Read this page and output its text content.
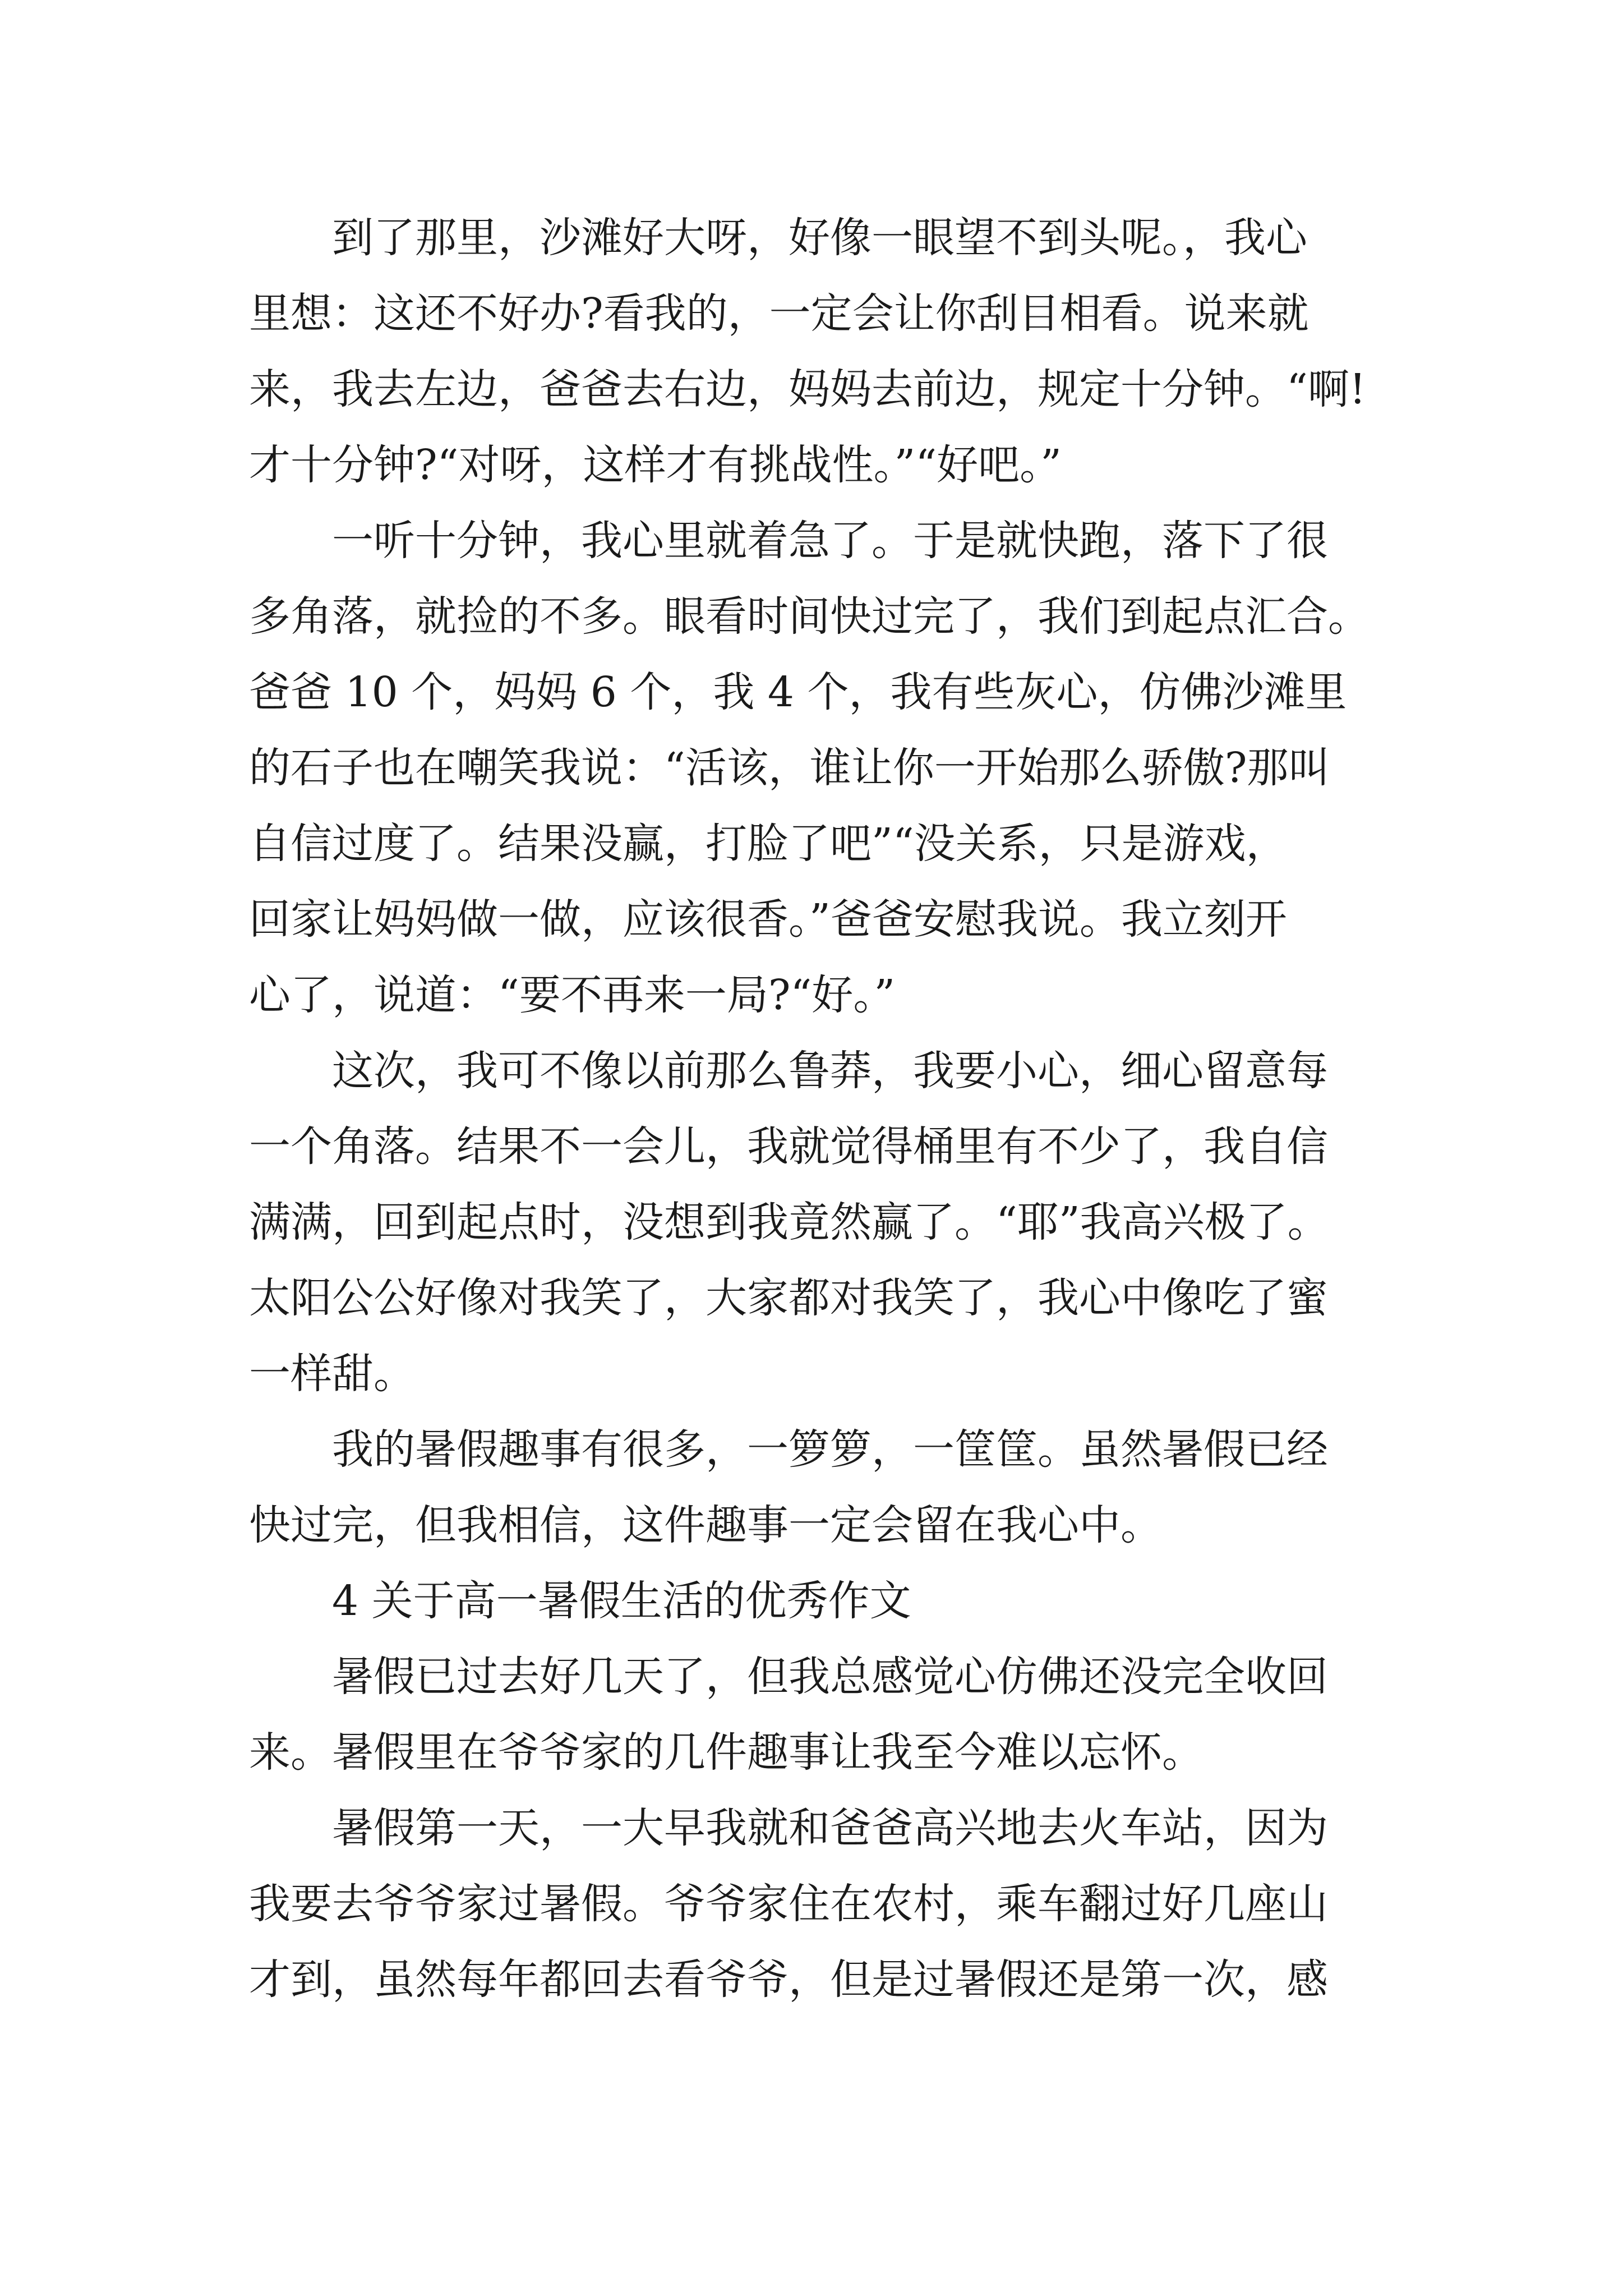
到了那里，沙滩好大呀，好像一眼望不到头呢。，我心
里想：这还不好办?看我的，一定会让你刮目相看。说来就
来，我去左边，爸爸去右边，妈妈去前边，规定十分钟。“啊!
才十分钟?“对呀，这样才有挑战性。”“好吧。”
一听十分钟，我心里就着急了。于是就快跑，落下了很
多角落，就捡的不多。眼看时间快过完了，我们到起点汇合。
爸爸 10 个，妈妈 6 个，我 4 个，我有些灰心，仿佛沙滩里
的石子也在嘲笑我说：“活该，谁让你一开始那么骄傲?那叫
自信过度了。结果没赢，打脸了吧”“没关系，只是游戏，
回家让妈妈做一做，应该很香。”爸爸安慰我说。我立刻开
心了，说道：“要不再来一局?“好。”
这次，我可不像以前那么鲁莽，我要小心，细心留意每
一个角落。结果不一会儿，我就觉得桶里有不少了，我自信
满满，回到起点时，没想到我竟然赢了。“耶”我高兴极了。
太阳公公好像对我笑了，大家都对我笑了，我心中像吃了蜜
一样甜。
我的暑假趣事有很多，一箩箩，一筐筐。虽然暑假已经
快过完，但我相信，这件趣事一定会留在我心中。
4 关于高一暑假生活的优秀作文
暑假已过去好几天了，但我总感觉心仿佛还没完全收回
来。暑假里在爷爷家的几件趣事让我至今难以忘怀。
暑假第一天，一大早我就和爸爸高兴地去火车站，因为
我要去爷爷家过暑假。爷爷家住在农村，乘车翻过好几座山
才到，虽然每年都回去看爷爷，但是过暑假还是第一次，感
